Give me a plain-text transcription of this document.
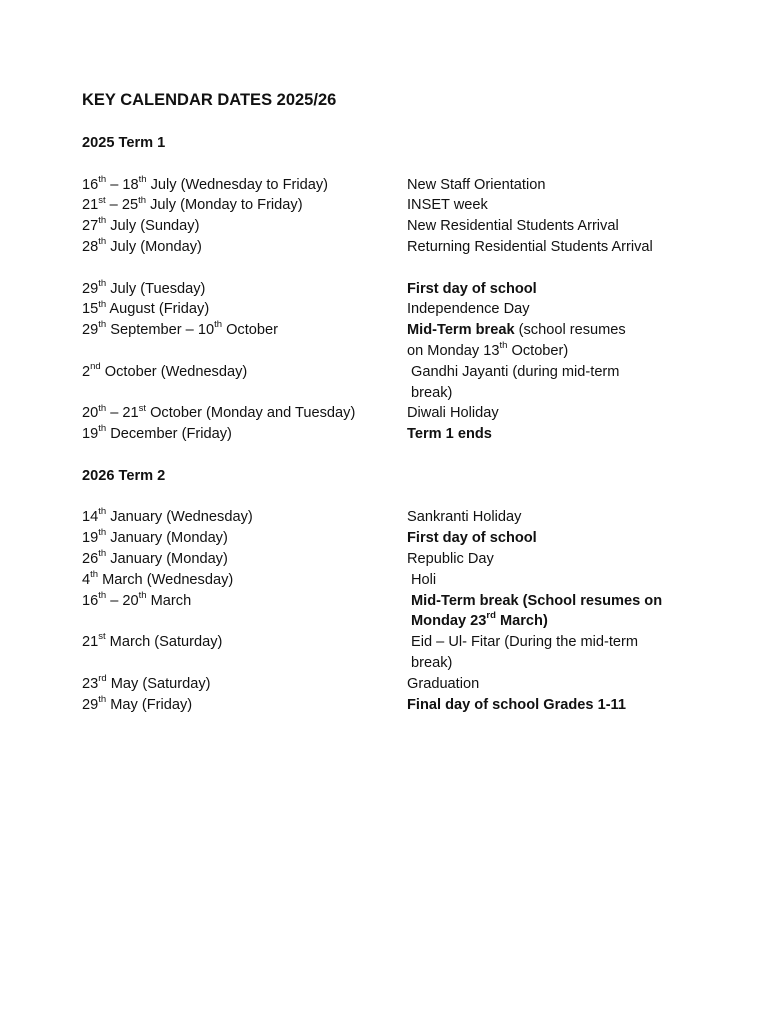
KEY CALENDAR DATES 2025/26
2025 Term 1
16th – 18th July (Wednesday to Friday)	New Staff Orientation
21st – 25th July (Monday to Friday)	INSET week
27th July (Sunday)	New Residential Students Arrival
28th July (Monday)	Returning Residential Students Arrival
29th July (Tuesday)	First day of school
15th August (Friday)	Independence Day
29th September – 10th October	Mid-Term break (school resumes
on Monday 13th October)
2nd October (Wednesday)	Gandhi Jayanti (during mid-term
break)
20th – 21st October (Monday and Tuesday)	Diwali Holiday
19th December (Friday)	Term 1 ends
2026 Term 2
14th January (Wednesday)	Sankranti Holiday
19th January (Monday)	First day of school
26th January (Monday)	Republic Day
4th March (Wednesday)	Holi
16th – 20th March	Mid-Term break (School resumes on
Monday 23rd March)
21st March (Saturday)	Eid – Ul- Fitar (During the mid-term
break)
23rd May (Saturday)	Graduation
29th May (Friday)	Final day of school Grades 1-11
